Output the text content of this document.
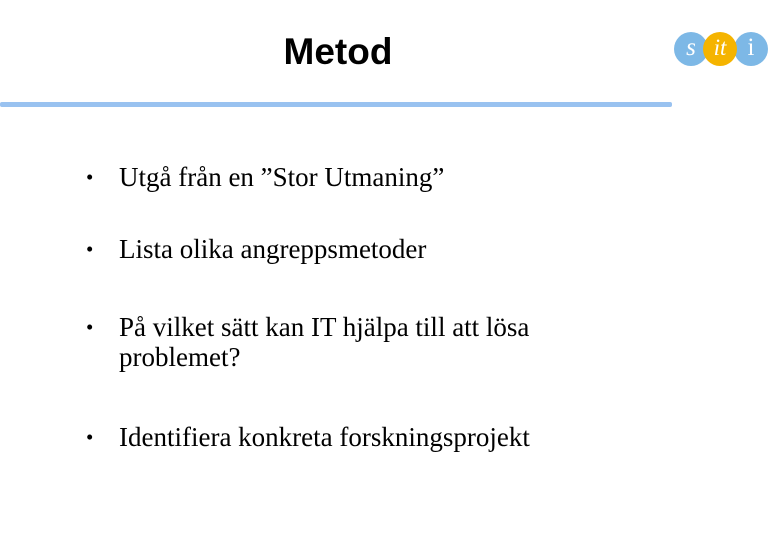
Metod	s it i
• Utgå från en ”Stor Utmaning”
• Lista olika angreppsmetoder
• På vilket sätt kan IT hjälpa till att lösa problemet?
• Identifiera konkreta forskningsprojekt
